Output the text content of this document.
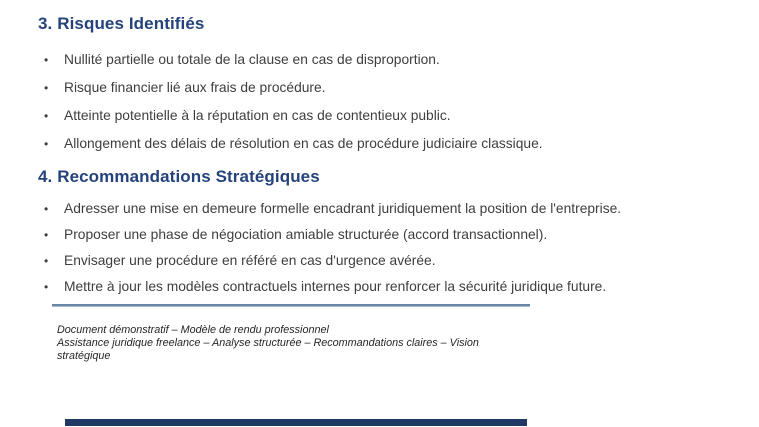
3. Risques Identifiés
•	Nullité partielle ou totale de la clause en cas de disproportion.
•	Risque financier lié aux frais de procédure.
•	Atteinte potentielle à la réputation en cas de contentieux public.
•	Allongement des délais de résolution en cas de procédure judiciaire classique.
4. Recommandations Stratégiques
•	Adresser une mise en demeure formelle encadrant juridiquement la position de l'entreprise.
•	Proposer une phase de négociation amiable structurée (accord transactionnel).
•	Envisager une procédure en référé en cas d'urgence avérée.
•	Mettre à jour les modèles contractuels internes pour renforcer la sécurité juridique future.
Document démonstratif – Modèle de rendu professionnel
Assistance juridique freelance – Analyse structurée – Recommandations claires – Vision
stratégique
